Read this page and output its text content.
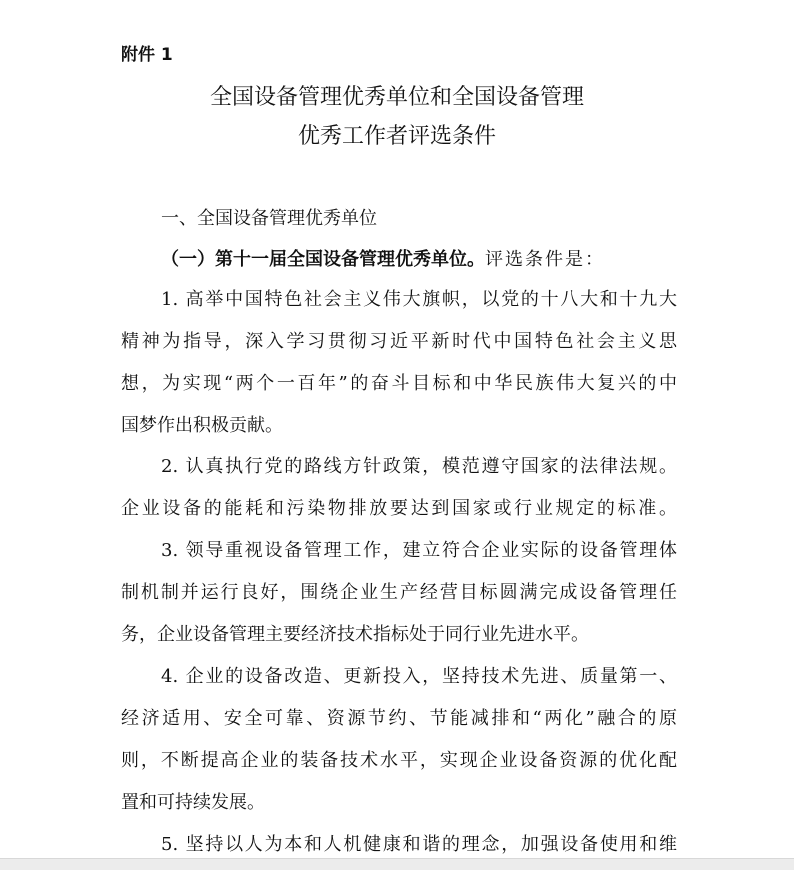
附件 1
全国设备管理优秀单位和全国设备管理
优秀工作者评选条件
一、全国设备管理优秀单位
（一）第十一届全国设备管理优秀单位。评选条件是：
1. 高举中国特色社会主义伟大旗帜，以党的十八大和十九大
精神为指导，深入学习贯彻习近平新时代中国特色社会主义思
想，为实现“两个一百年”的奋斗目标和中华民族伟大复兴的中
国梦作出积极贡献。
2. 认真执行党的路线方针政策，模范遵守国家的法律法规。
企业设备的能耗和污染物排放要达到国家或行业规定的标准。
3. 领导重视设备管理工作，建立符合企业实际的设备管理体
制机制并运行良好，围绕企业生产经营目标圆满完成设备管理任
务，企业设备管理主要经济技术指标处于同行业先进水平。
4. 企业的设备改造、更新投入，坚持技术先进、质量第一、
经济适用、安全可靠、资源节约、节能减排和“两化”融合的原
则，不断提高企业的装备技术水平，实现企业设备资源的优化配
置和可持续发展。
5. 坚持以人为本和人机健康和谐的理念，加强设备使用和维
